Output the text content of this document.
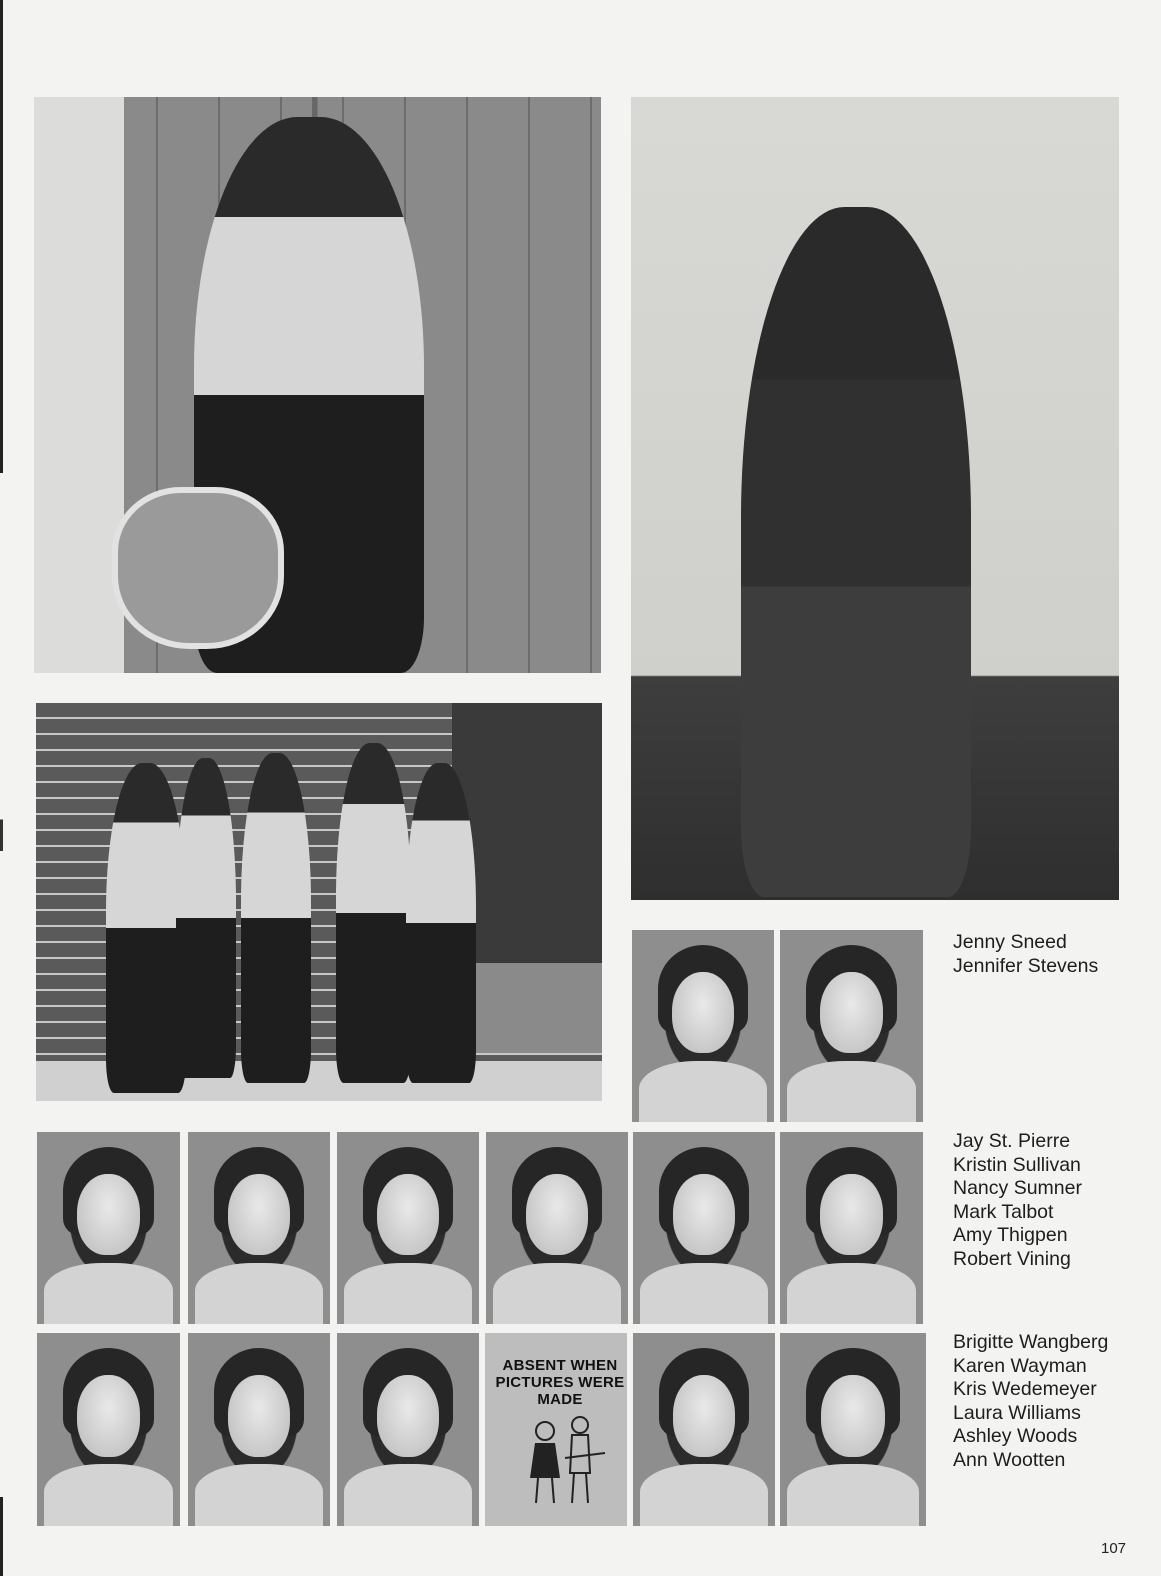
ABSENT WHEN PICTURES WERE MADE
Jenny Sneed
Jennifer Stevens
Jay St. Pierre
Kristin Sullivan
Nancy Sumner
Mark Talbot
Amy Thigpen
Robert Vining
Brigitte Wangberg
Karen Wayman
Kris Wedemeyer
Laura Williams
Ashley Woods
Ann Wootten
107
